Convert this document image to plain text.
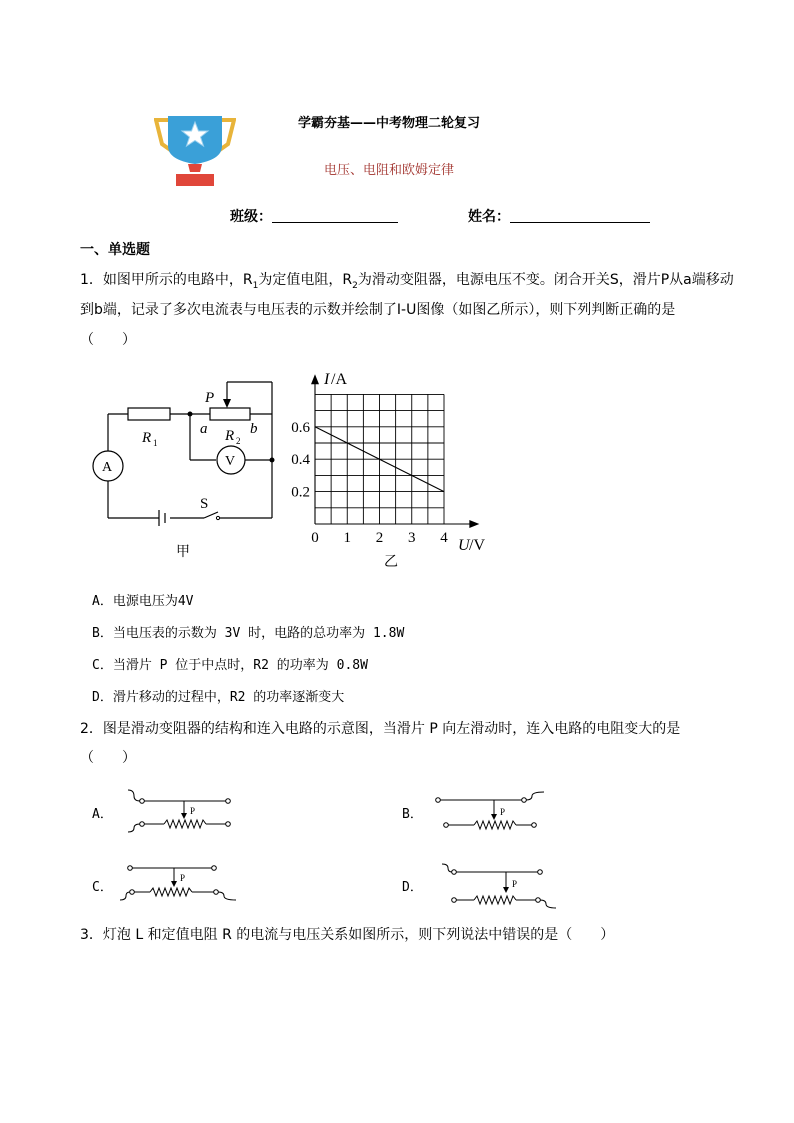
学霸夯基——中考物理二轮复习
电压、电阻和欧姆定律
班级：	姓名：
一、单选题
1．如图甲所示的电路中，$R_1$为定值电阻，$R_2$为滑动变阻器，电源电压不变。闭合开关S，滑片P从a端移动
到b端，记录了多次电流表与电压表的示数并绘制了I-U图像（如图乙所示），则下列判断正确的是
（　　）
P
R 1	R 2
a	b
A	V
S
甲
0 1 2 3 4
0.2
0.4
0.6
I /A
U /V
乙
A．电源电压为4V
B．当电压表的示数为 3V 时，电路的总功率为 1.8W
C．当滑片 P 位于中点时，R2 的功率为 0.8W
D．滑片移动的过程中，R2 的功率逐渐变大
2．图是滑动变阻器的结构和连入电路的示意图，当滑片 P 向左滑动时，连入电路的电阻变大的是
（　　）
A．	P	B．	P
C．
P
D．	P
3．灯泡 L 和定值电阻 R 的电流与电压关系如图所示，则下列说法中错误的是（　　）
